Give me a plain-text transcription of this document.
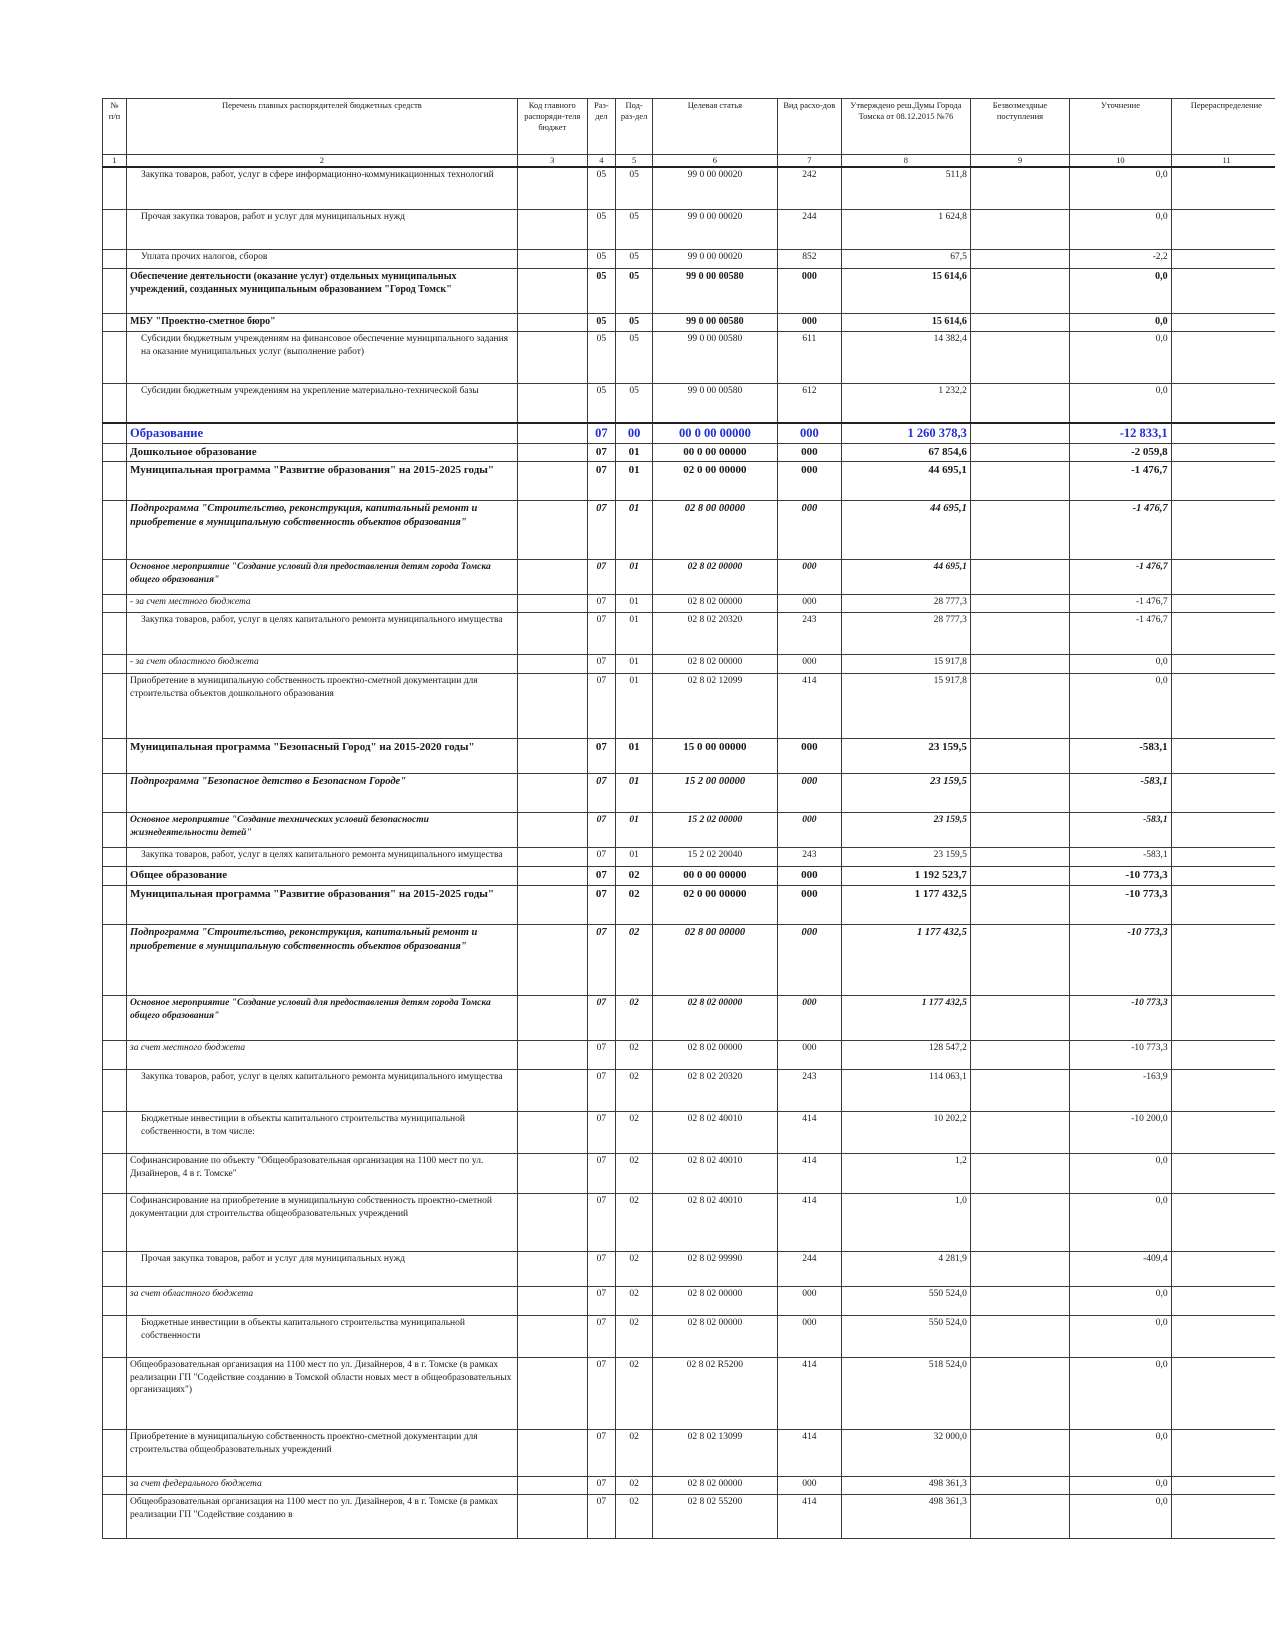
№ п/п	Перечень главных распорядителей бюджетных средств	Код главного распоряди-теля бюджет	Раз-дел	Под-раз-дел	Целевая статья	Вид расхо-дов	Утверждено реш.Думы Города Томска от 08.12.2015 №76	Безвозмездные поступления	Уточнение	Перераспределение
1	2	3	4	5	6	7	8	9	10	11
	Закупка товаров, работ, услуг в сфере информационно-коммуникационных технологий		05	05	99 0 00 00020	242	511,8		0,0	
	Прочая закупка товаров, работ и услуг для муниципальных нужд		05	05	99 0 00 00020	244	1 624,8		0,0	
	Уплата прочих налогов, сборов		05	05	99 0 00 00020	852	67,5		-2,2	
	Обеспечение деятельности (оказание услуг) отдельных муниципальных учреждений, созданных муниципальным образованием "Город Томск"		05	05	99 0 00 00580	000	15 614,6		0,0	
	МБУ "Проектно-сметное бюро"		05	05	99 0 00 00580	000	15 614,6		0,0	
	Субсидии бюджетным учреждениям на финансовое обеспечение муниципального задания на оказание муниципальных услуг (выполнение работ)		05	05	99 0 00 00580	611	14 382,4		0,0	
	Субсидии бюджетным учреждениям на укрепление материально-технической базы		05	05	99 0 00 00580	612	1 232,2		0,0	
	Образование		07	00	00 0 00 00000	000	1 260 378,3		-12 833,1	
	Дошкольное образование		07	01	00 0 00 00000	000	67 854,6		-2 059,8	
	Муниципальная программа "Развитие образования" на 2015-2025 годы"		07	01	02 0 00 00000	000	44 695,1		-1 476,7	
	Подпрограмма "Строительство, реконструкция, капитальный ремонт и приобретение в муниципальную собственность объектов образования"		07	01	02 8 00 00000	000	44 695,1		-1 476,7	
	Основное мероприятие "Создание условий для предоставления детям города Томска общего образования"		07	01	02 8 02 00000	000	44 695,1		-1 476,7	
	- за счет местного бюджета		07	01	02 8 02 00000	000	28 777,3		-1 476,7	
	Закупка товаров, работ, услуг в целях капитального ремонта муниципального имущества		07	01	02 8 02 20320	243	28 777,3		-1 476,7	
	- за счет областного бюджета		07	01	02 8 02 00000	000	15 917,8		0,0	
	Приобретение в муниципальную собственность проектно-сметной документации для строительства объектов дошкольного образования		07	01	02 8 02 12099	414	15 917,8		0,0	
	Муниципальная программа "Безопасный Город" на 2015-2020 годы"		07	01	15 0 00 00000	000	23 159,5		-583,1	
	Подпрограмма "Безопасное детство в Безопасном Городе"		07	01	15 2 00 00000	000	23 159,5		-583,1	
	Основное мероприятие "Создание технических условий безопасности жизнедеятельности детей"		07	01	15 2 02 00000	000	23 159,5		-583,1	
	Закупка товаров, работ, услуг в целях капитального ремонта муниципального имущества		07	01	15 2 02 20040	243	23 159,5		-583,1	
	Общее образование		07	02	00 0 00 00000	000	1 192 523,7		-10 773,3	
	Муниципальная программа "Развитие образования" на 2015-2025 годы"		07	02	02 0 00 00000	000	1 177 432,5		-10 773,3	
	Подпрограмма "Строительство, реконструкция, капитальный ремонт и приобретение в муниципальную собственность объектов образования"		07	02	02 8 00 00000	000	1 177 432,5		-10 773,3	
	Основное мероприятие "Создание условий для предоставления детям города Томска общего образования"		07	02	02 8 02 00000	000	1 177 432,5		-10 773,3	
	за счет местного бюджета		07	02	02 8 02 00000	000	128 547,2		-10 773,3	
	Закупка товаров, работ, услуг в целях капитального ремонта муниципального имущества		07	02	02 8 02 20320	243	114 063,1		-163,9	
	Бюджетные инвестиции в объекты капитального строительства муниципальной собственности, в том числе:		07	02	02 8 02 40010	414	10 202,2		-10 200,0	
	Софинансирование по объекту "Общеобразовательная организация на 1100 мест по ул. Дизайнеров, 4 в г. Томске"		07	02	02 8 02 40010	414	1,2		0,0	
	Софинансирование на приобретение в муниципальную собственность проектно-сметной документации для строительства общеобразовательных учреждений		07	02	02 8 02 40010	414	1,0		0,0	
	Прочая закупка товаров, работ и услуг для муниципальных нужд		07	02	02 8 02 99990	244	4 281,9		-409,4	
	за счет областного бюджета		07	02	02 8 02 00000	000	550 524,0		0,0	
	Бюджетные инвестиции в объекты капитального строительства муниципальной собственности		07	02	02 8 02 00000	000	550 524,0		0,0	
	Общеобразовательная организация на 1100 мест по ул. Дизайнеров, 4 в г. Томске (в рамках реализации ГП "Содействие созданию в Томской области новых мест в общеобразовательных организациях")		07	02	02 8 02 R5200	414	518 524,0		0,0	
	Приобретение в муниципальную собственность проектно-сметной документации для строительства общеобразовательных учреждений		07	02	02 8 02 13099	414	32 000,0		0,0	
	за счет федерального бюджета		07	02	02 8 02 00000	000	498 361,3		0,0	
	Общеобразовательная организация на 1100 мест по ул. Дизайнеров, 4 в г. Томске (в рамках реализации ГП "Содействие созданию в		07	02	02 8 02 55200	414	498 361,3		0,0	
